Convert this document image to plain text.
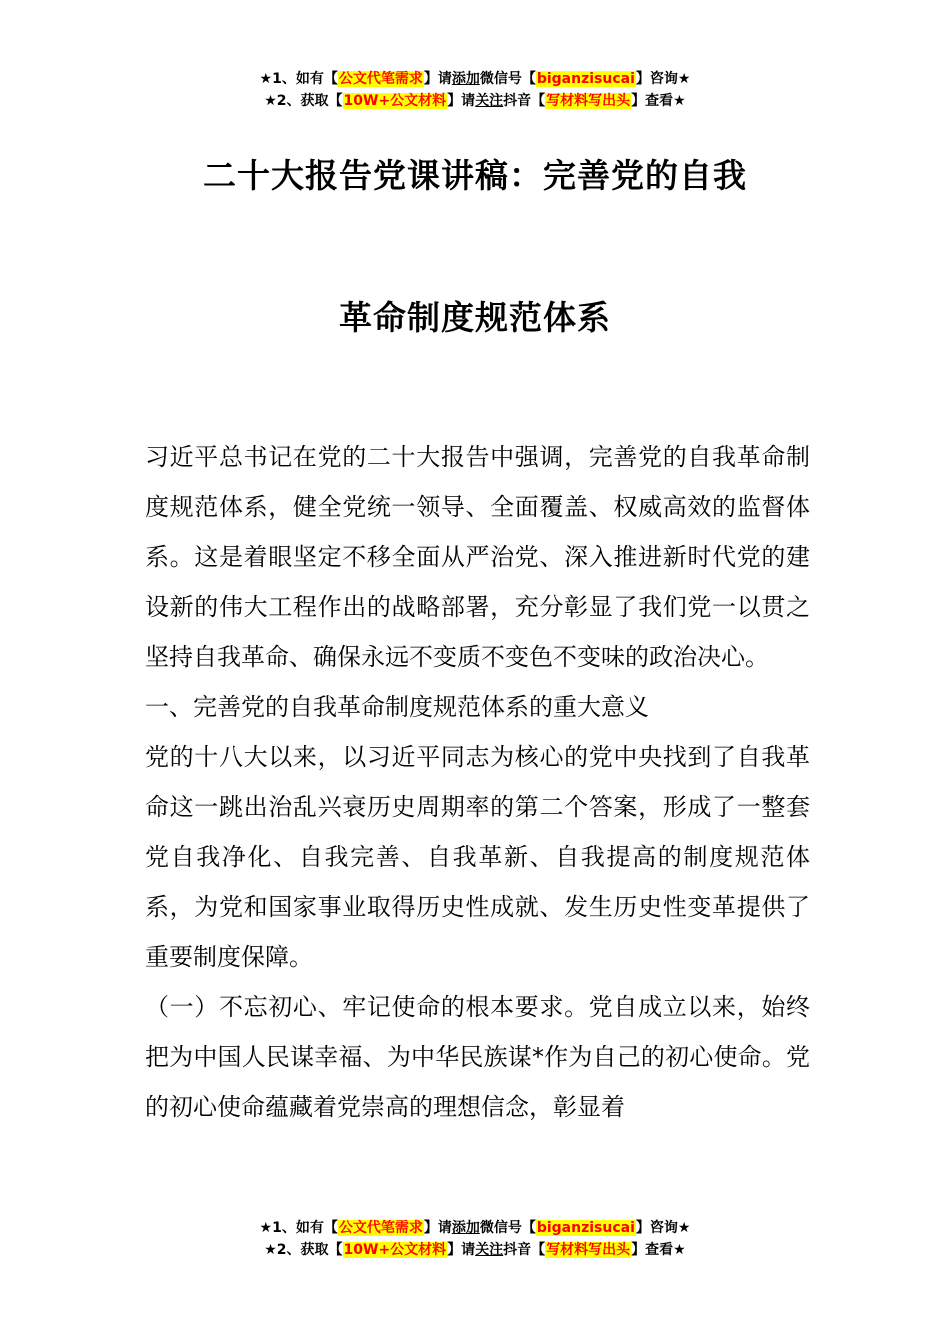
★1、如有【公文代笔需求】请添加微信号【biganzisucai】咨询★
★2、获取【10W+公文材料】请关注抖音【写材料写出头】查看★
二十大报告党课讲稿：完善党的自我
革命制度规范体系

习近平总书记在党的二十大报告中强调，完善党的自我革命制度规范体系，健全党统一领导、全面覆盖、权威高效的监督体系。这是着眼坚定不移全面从严治党、深入推进新时代党的建设新的伟大工程作出的战略部署，充分彰显了我们党一以贯之坚持自我革命、确保永远不变质不变色不变味的政治决心。

一、完善党的自我革命制度规范体系的重大意义

党的十八大以来，以习近平同志为核心的党中央找到了自我革命这一跳出治乱兴衰历史周期率的第二个答案，形成了一整套党自我净化、自我完善、自我革新、自我提高的制度规范体系，为党和国家事业取得历史性成就、发生历史性变革提供了重要制度保障。

（一）不忘初心、牢记使命的根本要求。党自成立以来，始终把为中国人民谋幸福、为中华民族谋*作为自己的初心使命。党的初心使命蕴藏着党崇高的理想信念，彰显着

★1、如有【公文代笔需求】请添加微信号【biganzisucai】咨询★
★2、获取【10W+公文材料】请关注抖音【写材料写出头】查看★
